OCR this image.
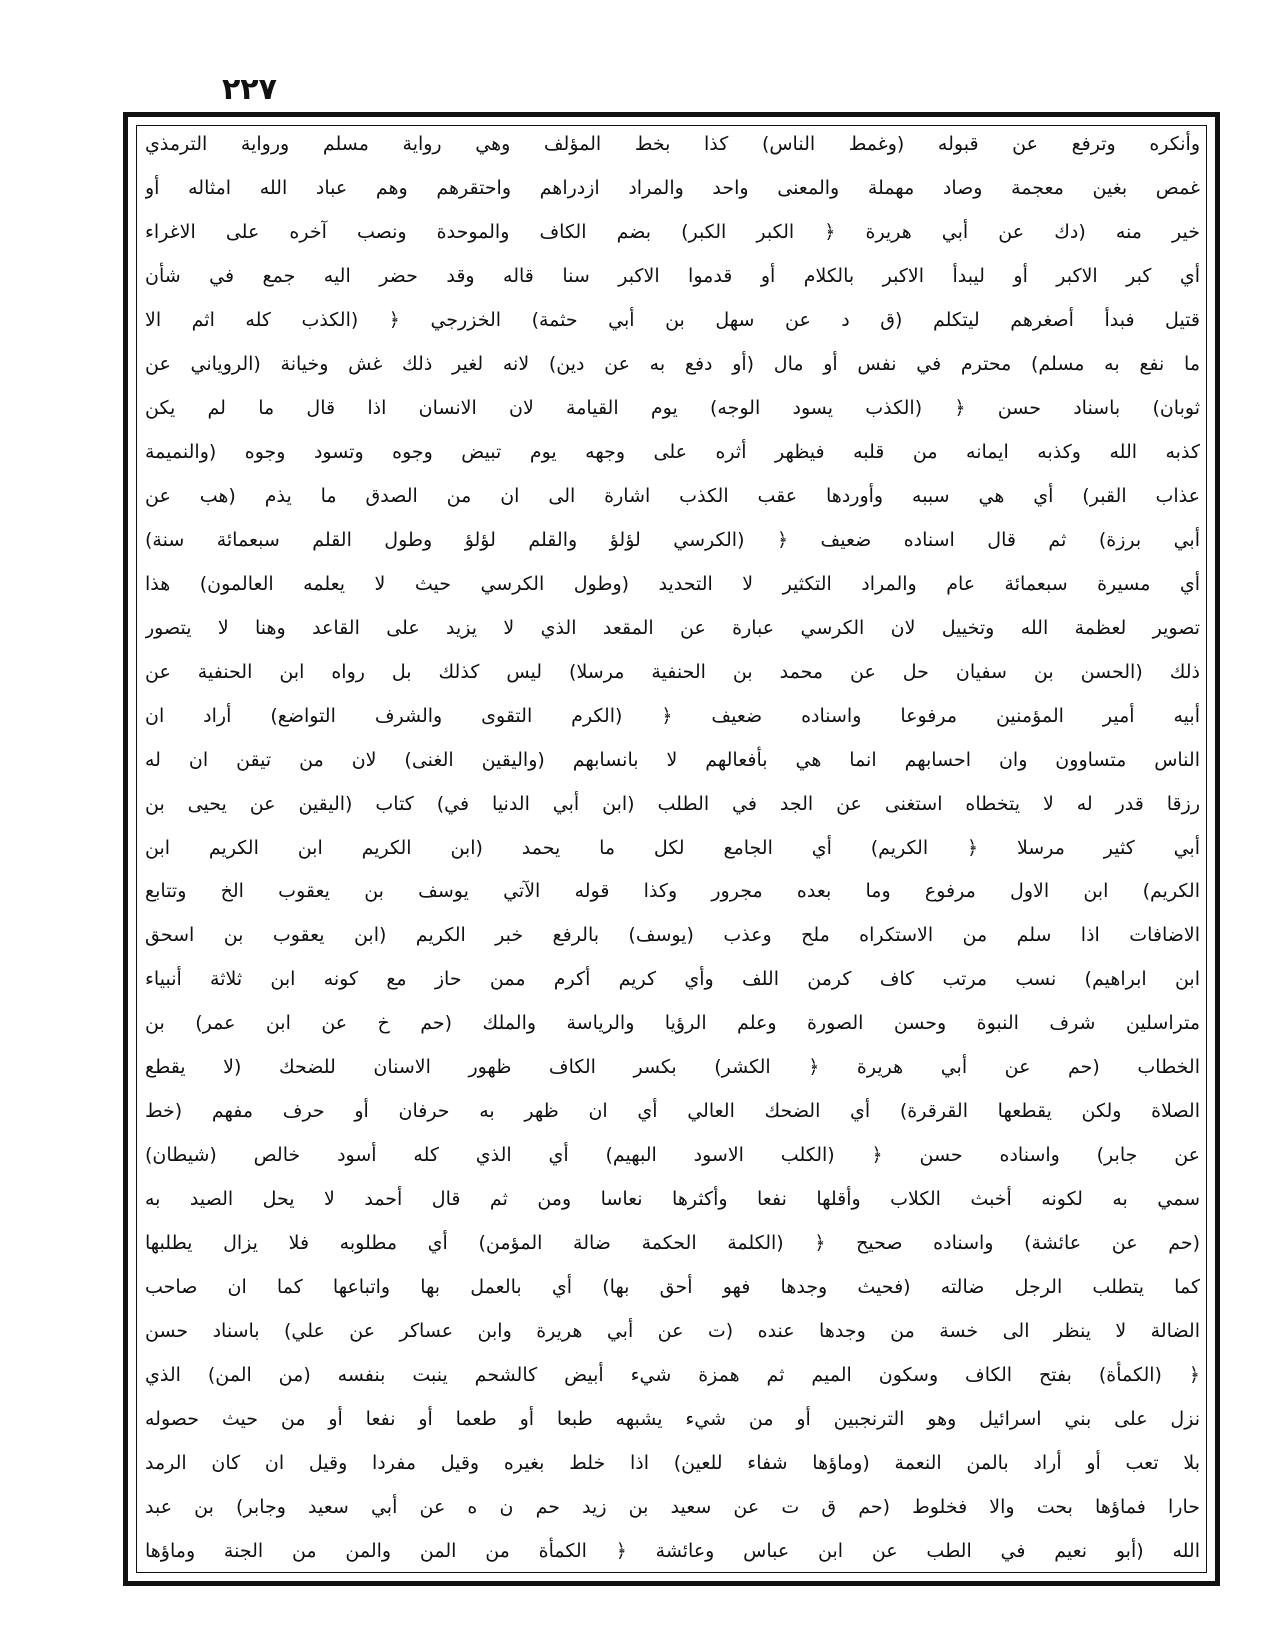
٢٢٧
وأنكره وترفع عن قبوله (وغمط الناس) كذا بخط المؤلف وهي رواية مسلم ورواية الترمذي
غمص بغين معجمة وصاد مهملة والمعنى واحد والمراد ازدراهم واحتقرهم وهم عباد الله امثاله أو
خير منه (دك عن أبي هريرة ﴿ الكبر الكبر) بضم الكاف والموحدة ونصب آخره على الاغراء
أي كبر الاكبر أو ليبدأ الاكبر بالكلام أو قدموا الاكبر سنا قاله وقد حضر اليه جمع في شأن
قتيل فبدأ أصغرهم ليتكلم (ق د عن سهل بن أبي حثمة) الخزرجي ﴿ (الكذب كله اثم الا
ما نفع به مسلم) محترم في نفس أو مال (أو دفع به عن دين) لانه لغير ذلك غش وخيانة (الروياني عن
ثوبان) باسناد حسن ﴿ (الكذب يسود الوجه) يوم القيامة لان الانسان اذا قال ما لم يكن
كذبه الله وكذبه ايمانه من قلبه فيظهر أثره على وجهه يوم تبيض وجوه وتسود وجوه (والنميمة
عذاب القبر) أي هي سببه وأوردها عقب الكذب اشارة الى ان من الصدق ما يذم (هب عن
أبي برزة) ثم قال اسناده ضعيف ﴿ (الكرسي لؤلؤ والقلم لؤلؤ وطول القلم سبعمائة سنة)
أي مسيرة سبعمائة عام والمراد التكثير لا التحديد (وطول الكرسي حيث لا يعلمه العالمون) هذا
تصوير لعظمة الله وتخييل لان الكرسي عبارة عن المقعد الذي لا يزيد على القاعد وهنا لا يتصور
ذلك (الحسن بن سفيان حل عن محمد بن الحنفية مرسلا) ليس كذلك بل رواه ابن الحنفية عن
أبيه أمير المؤمنين مرفوعا واسناده ضعيف ﴿ (الكرم التقوى والشرف التواضع) أراد ان
الناس متساوون وان احسابهم انما هي بأفعالهم لا بانسابهم (واليقين الغنى) لان من تيقن ان له
رزقا قدر له لا يتخطاه استغنى عن الجد في الطلب (ابن أبي الدنيا في) كتاب (اليقين عن يحيى بن
أبي كثير مرسلا ﴿ الكريم) أي الجامع لكل ما يحمد (ابن الكريم ابن الكريم ابن
الكريم) ابن الاول مرفوع وما بعده مجرور وكذا قوله الآتي يوسف بن يعقوب الخ وتتابع
الاضافات اذا سلم من الاستكراه ملح وعذب (يوسف) بالرفع خبر الكريم (ابن يعقوب بن اسحق
ابن ابراهيم) نسب مرتب كاف كرمن اللف وأي كريم أكرم ممن حاز مع كونه ابن ثلاثة أنبياء
متراسلين شرف النبوة وحسن الصورة وعلم الرؤيا والرياسة والملك (حم خ عن ابن عمر) بن
الخطاب (حم عن أبي هريرة ﴿ الكشر) بكسر الكاف ظهور الاسنان للضحك (لا يقطع
الصلاة ولكن يقطعها القرقرة) أي الضحك العالي أي ان ظهر به حرفان أو حرف مفهم (خط
عن جابر) واسناده حسن ﴿ (الكلب الاسود البهيم) أي الذي كله أسود خالص (شيطان)
سمي به لكونه أخبث الكلاب وأقلها نفعا وأكثرها نعاسا ومن ثم قال أحمد لا يحل الصيد به
(حم عن عائشة) واسناده صحيح ﴿ (الكلمة الحكمة ضالة المؤمن) أي مطلوبه فلا يزال يطلبها
كما يتطلب الرجل ضالته (فحيث وجدها فهو أحق بها) أي بالعمل بها واتباعها كما ان صاحب
الضالة لا ينظر الى خسة من وجدها عنده (ت عن أبي هريرة وابن عساكر عن علي) باسناد حسن
﴿ (الكمأة) بفتح الكاف وسكون الميم ثم همزة شيء أبيض كالشحم ينبت بنفسه (من المن) الذي
نزل على بني اسرائيل وهو الترنجبين أو من شيء يشبهه طبعا أو طعما أو نفعا أو من حيث حصوله
بلا تعب أو أراد بالمن النعمة (وماؤها شفاء للعين) اذا خلط بغيره وقيل مفردا وقيل ان كان الرمد
حارا فماؤها بحت والا فخلوط (حم ق ت عن سعيد بن زيد حم ن ه عن أبي سعيد وجابر) بن عبد
الله (أبو نعيم في الطب عن ابن عباس وعائشة ﴿ الكمأة من المن والمن من الجنة وماؤها
